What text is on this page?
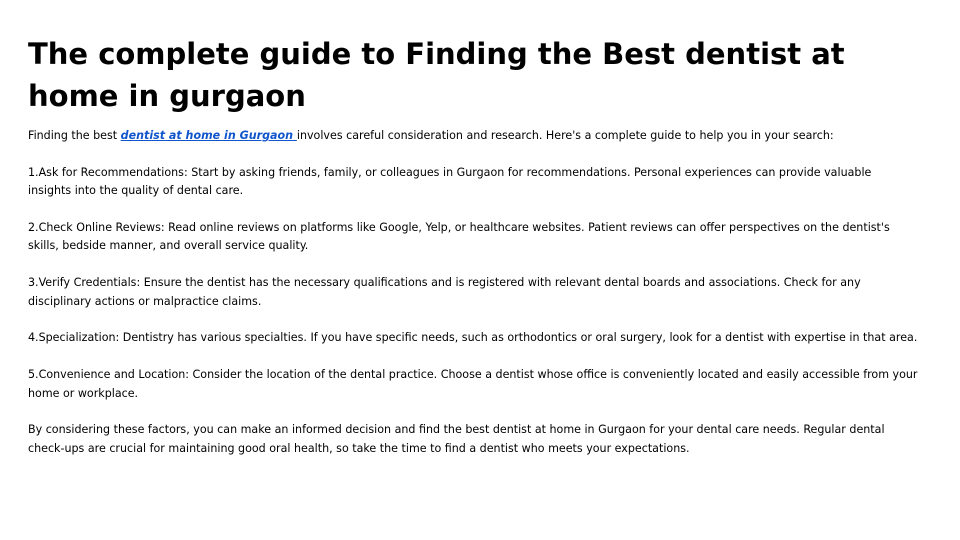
The complete guide to Finding the Best dentist at home in gurgaon

Finding the best dentist at home in Gurgaon involves careful consideration and research. Here's a complete guide to help you in your search:

1.Ask for Recommendations: Start by asking friends, family, or colleagues in Gurgaon for recommendations. Personal experiences can provide valuable insights into the quality of dental care.

2.Check Online Reviews: Read online reviews on platforms like Google, Yelp, or healthcare websites. Patient reviews can offer perspectives on the dentist's skills, bedside manner, and overall service quality.

3.Verify Credentials: Ensure the dentist has the necessary qualifications and is registered with relevant dental boards and associations. Check for any disciplinary actions or malpractice claims.

4.Specialization: Dentistry has various specialties. If you have specific needs, such as orthodontics or oral surgery, look for a dentist with expertise in that area.

5.Convenience and Location: Consider the location of the dental practice. Choose a dentist whose office is conveniently located and easily accessible from your home or workplace.

By considering these factors, you can make an informed decision and find the best dentist at home in Gurgaon for your dental care needs. Regular dental check-ups are crucial for maintaining good oral health, so take the time to find a dentist who meets your expectations.
